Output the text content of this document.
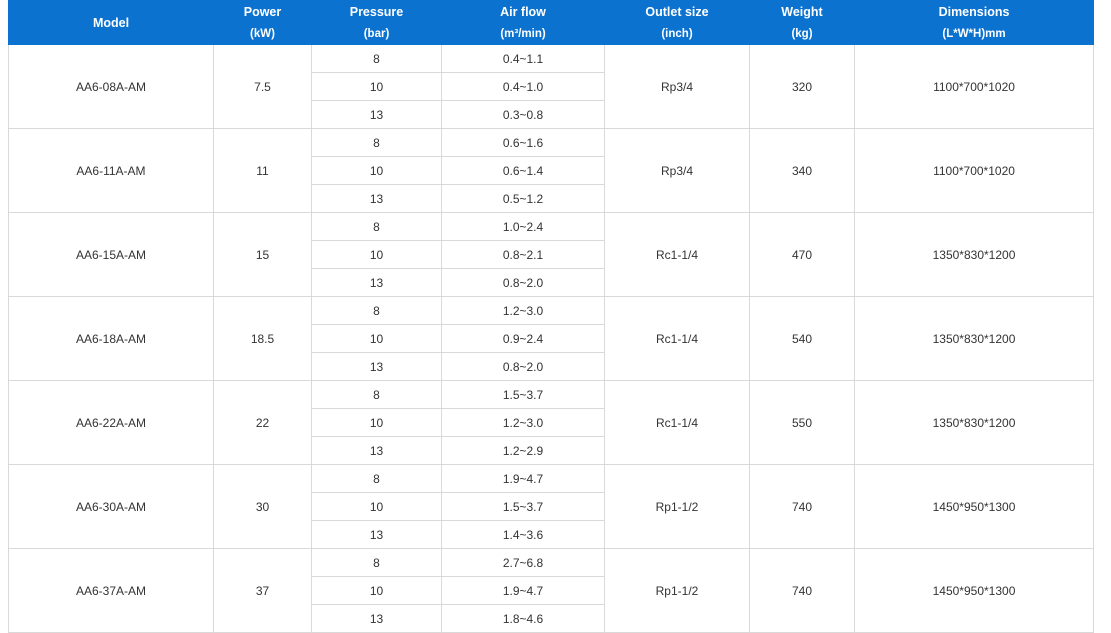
Model	Power	Pressure	Air flow	Outlet size	Weight	Dimensions
	(kW)	(bar)	(m³/min)	(inch)	(kg)	(L*W*H)mm
AA6-08A-AM	7.5	8	0.4~1.1	Rp3/4	320	1100*700*1020
		10	0.4~1.0			
		13	0.3~0.8			
AA6-11A-AM	11	8	0.6~1.6	Rp3/4	340	1100*700*1020
		10	0.6~1.4			
		13	0.5~1.2			
AA6-15A-AM	15	8	1.0~2.4	Rc1-1/4	470	1350*830*1200
		10	0.8~2.1			
		13	0.8~2.0			
AA6-18A-AM	18.5	8	1.2~3.0	Rc1-1/4	540	1350*830*1200
		10	0.9~2.4			
		13	0.8~2.0			
AA6-22A-AM	22	8	1.5~3.7	Rc1-1/4	550	1350*830*1200
		10	1.2~3.0			
		13	1.2~2.9			
AA6-30A-AM	30	8	1.9~4.7	Rp1-1/2	740	1450*950*1300
		10	1.5~3.7			
		13	1.4~3.6			
AA6-37A-AM	37	8	2.7~6.8	Rp1-1/2	740	1450*950*1300
		10	1.9~4.7			
		13	1.8~4.6			
